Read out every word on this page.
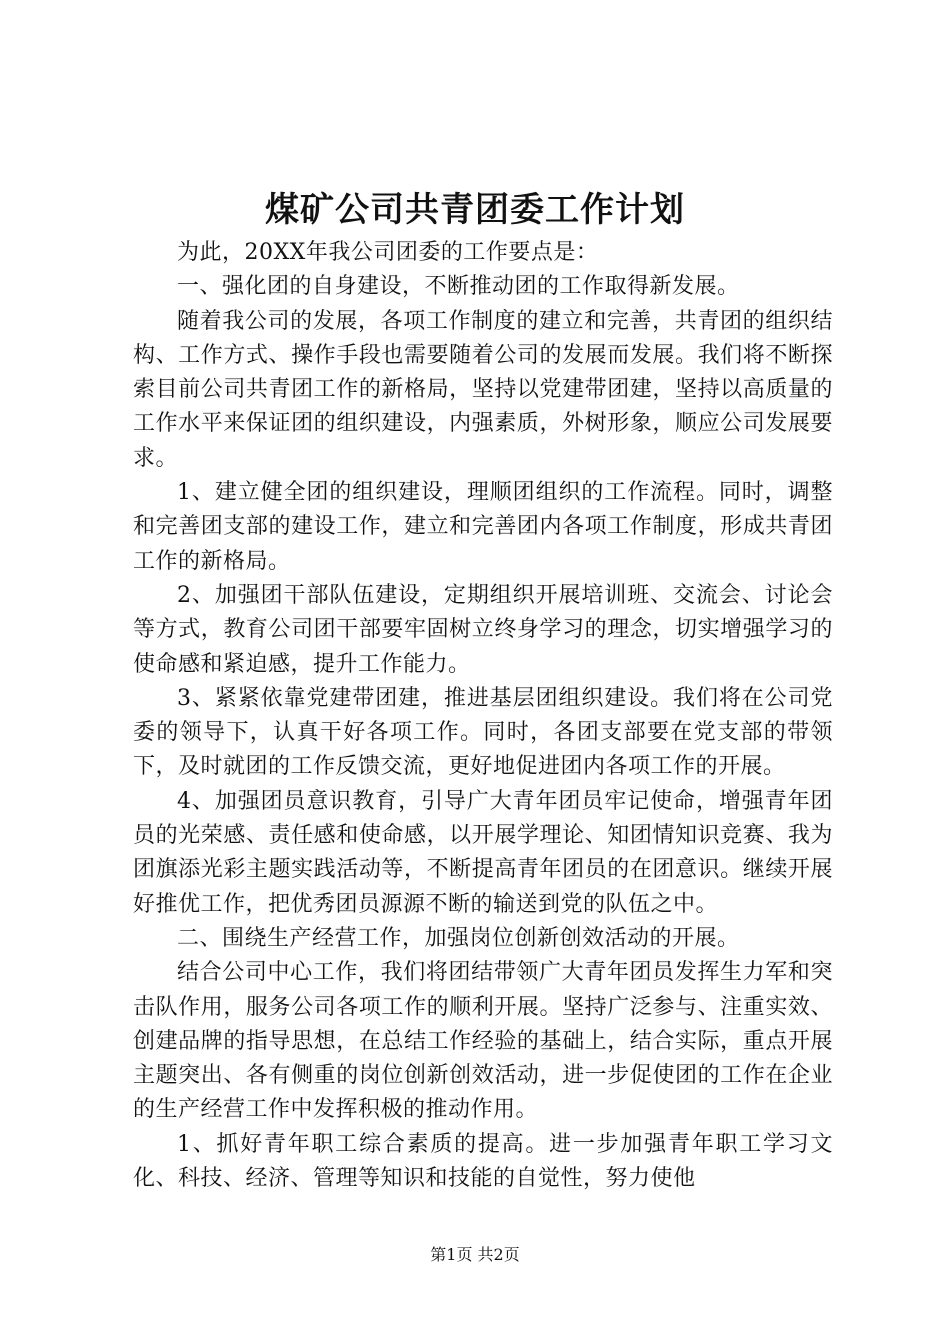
煤矿公司共青团委工作计划

为此，20XX年我公司团委的工作要点是：

一、强化团的自身建设，不断推动团的工作取得新发展。

随着我公司的发展，各项工作制度的建立和完善，共青团的组织结构、工作方式、操作手段也需要随着公司的发展而发展。我们将不断探索目前公司共青团工作的新格局，坚持以党建带团建，坚持以高质量的工作水平来保证团的组织建设，内强素质，外树形象，顺应公司发展要求。

1、建立健全团的组织建设，理顺团组织的工作流程。同时，调整和完善团支部的建设工作，建立和完善团内各项工作制度，形成共青团工作的新格局。

2、加强团干部队伍建设，定期组织开展培训班、交流会、讨论会等方式，教育公司团干部要牢固树立终身学习的理念，切实增强学习的使命感和紧迫感，提升工作能力。

3、紧紧依靠党建带团建，推进基层团组织建设。我们将在公司党委的领导下，认真干好各项工作。同时，各团支部要在党支部的带领下，及时就团的工作反馈交流，更好地促进团内各项工作的开展。

4、加强团员意识教育，引导广大青年团员牢记使命，增强青年团员的光荣感、责任感和使命感，以开展学理论、知团情知识竞赛、我为团旗添光彩主题实践活动等，不断提高青年团员的在团意识。继续开展好推优工作，把优秀团员源源不断的输送到党的队伍之中。

二、围绕生产经营工作，加强岗位创新创效活动的开展。

结合公司中心工作，我们将团结带领广大青年团员发挥生力军和突击队作用，服务公司各项工作的顺利开展。坚持广泛参与、注重实效、创建品牌的指导思想，在总结工作经验的基础上，结合实际，重点开展主题突出、各有侧重的岗位创新创效活动，进一步促使团的工作在企业的生产经营工作中发挥积极的推动作用。

1、抓好青年职工综合素质的提高。进一步加强青年职工学习文化、科技、经济、管理等知识和技能的自觉性，努力使他

第1页 共2页
